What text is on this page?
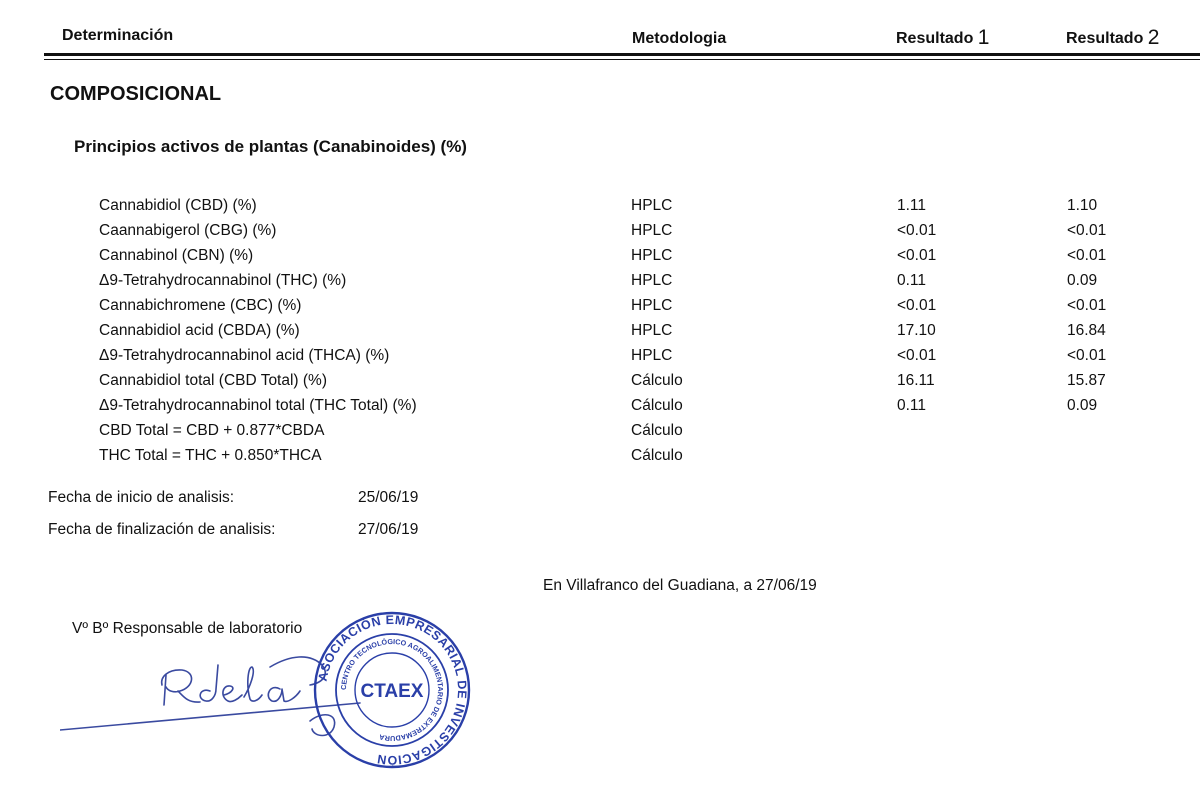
Determinación	Metodologia	Resultado 1	Resultado 2
COMPOSICIONAL
Principios activos de plantas (Canabinoides) (%)
Cannabidiol (CBD) (%)	HPLC	1.11	1.10
Caannabigerol (CBG) (%)	HPLC	<0.01	<0.01
Cannabinol (CBN) (%)	HPLC	<0.01	<0.01
Δ9-Tetrahydrocannabinol (THC) (%)	HPLC	0.11	0.09
Cannabichromene (CBC) (%)	HPLC	<0.01	<0.01
Cannabidiol acid (CBDA) (%)	HPLC	17.10	16.84
Δ9-Tetrahydrocannabinol acid (THCA) (%)	HPLC	<0.01	<0.01
Cannabidiol total (CBD Total) (%)	Cálculo	16.11	15.87
Δ9-Tetrahydrocannabinol total (THC Total) (%)	Cálculo	0.11	0.09
CBD Total = CBD + 0.877*CBDA	Cálculo
THC Total = THC + 0.850*THCA	Cálculo
Fecha de inicio de analisis:	25/06/19
Fecha de finalización de analisis:	27/06/19
En Villafranco del Guadiana, a 27/06/19
Vº Bº Responsable de laboratorio
ASOCIACIÓN EMPRESARIAL DE INVESTIGACIÓN
CENTRO TECNOLÓGICO AGROALIMENTARIO DE EXTREMADURA
CTAEX
